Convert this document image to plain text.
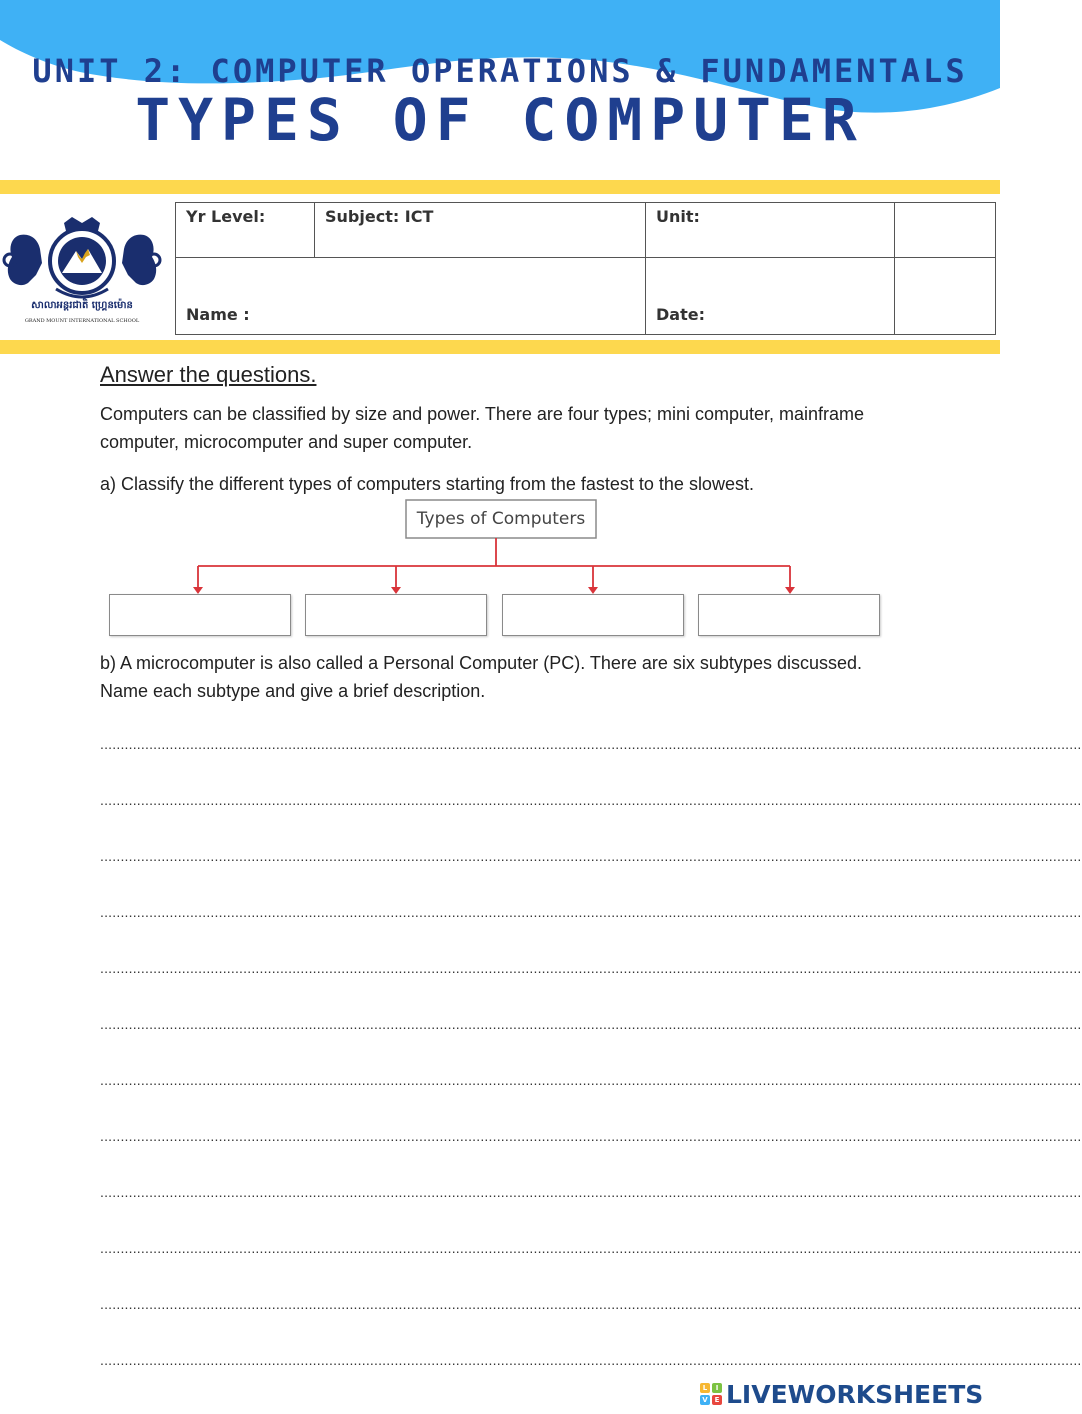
UNIT 2: COMPUTER OPERATIONS & FUNDAMENTALS
TYPES OF COMPUTER
សាលាអន្តរជាតិ ហ្គ្រេនម៉ោន
GRAND MOUNT INTERNATIONAL SCHOOL
Yr Level:	Subject: ICT	Unit:	
Name :		Date:	
Answer the questions.
Computers can be classified by size and power. There are four types; mini computer, mainframe computer, microcomputer and super computer.
a) Classify the different types of computers starting from the fastest to the slowest.
Types of Computers
b) A microcomputer is also called a Personal Computer (PC). There are six subtypes discussed. Name each subtype and give a brief description.
................................................................................................................................................................................................................................................
................................................................................................................................................................................................................................................
................................................................................................................................................................................................................................................
................................................................................................................................................................................................................................................
................................................................................................................................................................................................................................................
................................................................................................................................................................................................................................................
................................................................................................................................................................................................................................................
................................................................................................................................................................................................................................................
................................................................................................................................................................................................................................................
................................................................................................................................................................................................................................................
................................................................................................................................................................................................................................................
................................................................................................................................................................................................................................................
L	I
V E LIVEWORKSHEETS
